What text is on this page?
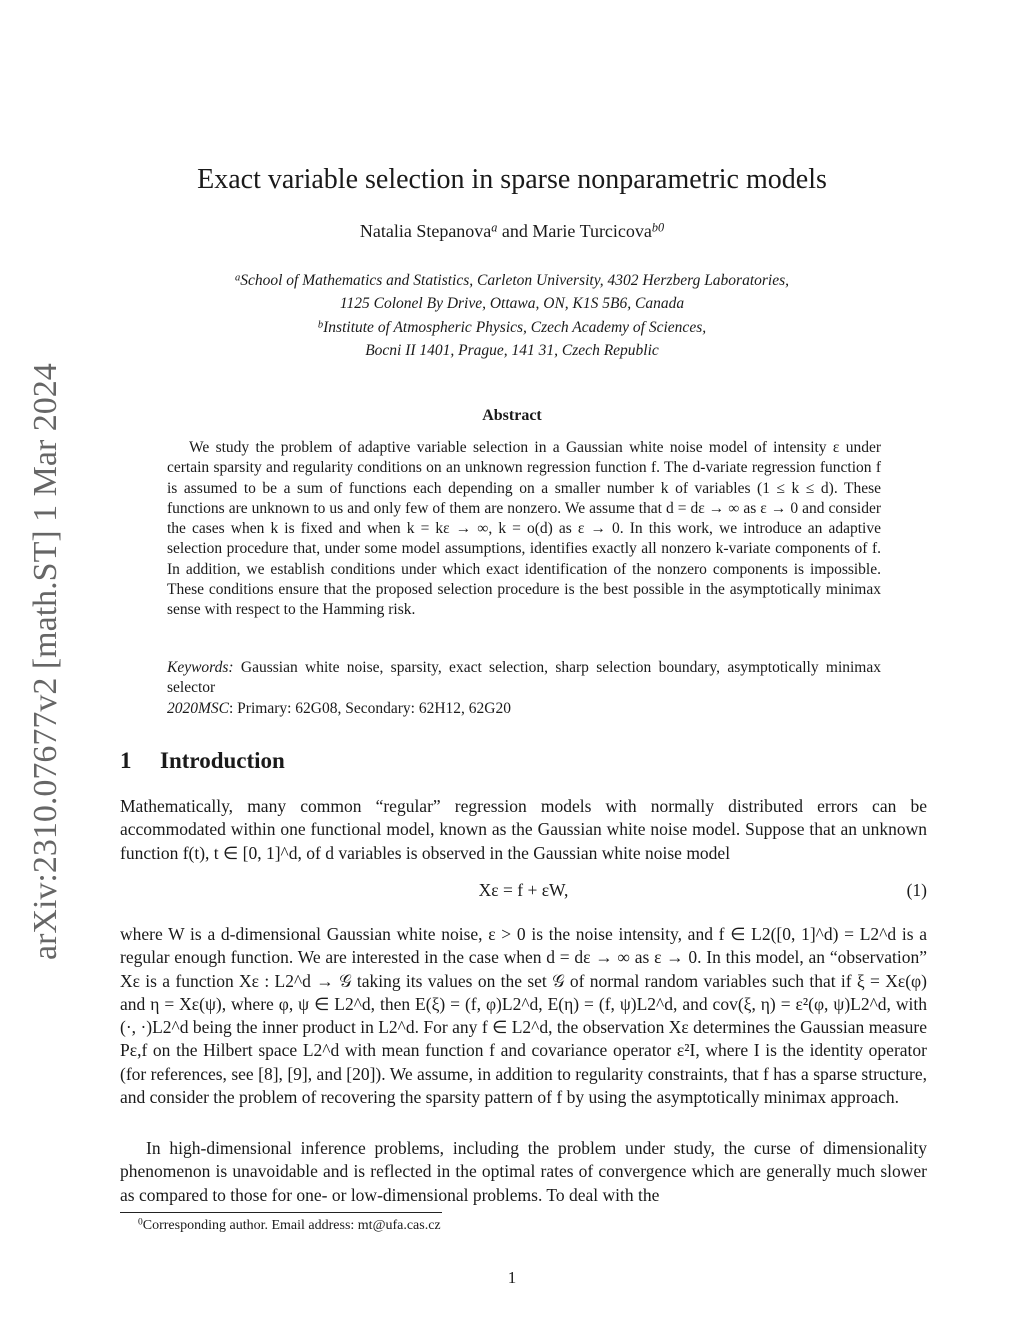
arXiv:2310.07677v2 [math.ST] 1 Mar 2024
Exact variable selection in sparse nonparametric models
Natalia Stepanova$^a$ and Marie Turcicova$^{b0}$
$^a$School of Mathematics and Statistics, Carleton University, 4302 Herzberg Laboratories,
1125 Colonel By Drive, Ottawa, ON, K1S 5B6, Canada
$^b$Institute of Atmospheric Physics, Czech Academy of Sciences,
Bocni II 1401, Prague, 141 31, Czech Republic
Abstract
We study the problem of adaptive variable selection in a Gaussian white noise model of intensity ε under certain sparsity and regularity conditions on an unknown regression function f. The d-variate regression function f is assumed to be a sum of functions each depending on a smaller number k of variables (1 ≤ k ≤ d). These functions are unknown to us and only few of them are nonzero. We assume that d = dε → ∞ as ε → 0 and consider the cases when k is fixed and when k = kε → ∞, k = o(d) as ε → 0. In this work, we introduce an adaptive selection procedure that, under some model assumptions, identifies exactly all nonzero k-variate components of f. In addition, we establish conditions under which exact identification of the nonzero components is impossible. These conditions ensure that the proposed selection procedure is the best possible in the asymptotically minimax sense with respect to the Hamming risk.
Keywords: Gaussian white noise, sparsity, exact selection, sharp selection boundary, asymptotically minimax selector
2020MSC: Primary: 62G08, Secondary: 62H12, 62G20
1 Introduction
Mathematically, many common “regular” regression models with normally distributed errors can be accommodated within one functional model, known as the Gaussian white noise model. Suppose that an unknown function f(t), t ∈ [0, 1]^d, of d variables is observed in the Gaussian white noise model
Xε = f + εW,	(1)
where W is a d-dimensional Gaussian white noise, ε > 0 is the noise intensity, and f ∈ L2([0, 1]^d) = L2^d is a regular enough function. We are interested in the case when d = dε → ∞ as ε → 0. In this model, an “observation” Xε is a function Xε : L2^d → 𝒢 taking its values on the set 𝒢 of normal random variables such that if ξ = Xε(φ) and η = Xε(ψ), where φ, ψ ∈ L2^d, then E(ξ) = (f, φ)L2^d, E(η) = (f, ψ)L2^d, and cov(ξ, η) = ε²(φ, ψ)L2^d, with (·, ·)L2^d being the inner product in L2^d. For any f ∈ L2^d, the observation Xε determines the Gaussian measure Pε,f on the Hilbert space L2^d with mean function f and covariance operator ε²I, where I is the identity operator (for references, see [8], [9], and [20]). We assume, in addition to regularity constraints, that f has a sparse structure, and consider the problem of recovering the sparsity pattern of f by using the asymptotically minimax approach.
In high-dimensional inference problems, including the problem under study, the curse of dimensionality phenomenon is unavoidable and is reflected in the optimal rates of convergence which are generally much slower as compared to those for one- or low-dimensional problems. To deal with the
$^0$Corresponding author. Email address: mt@ufa.cas.cz
1
